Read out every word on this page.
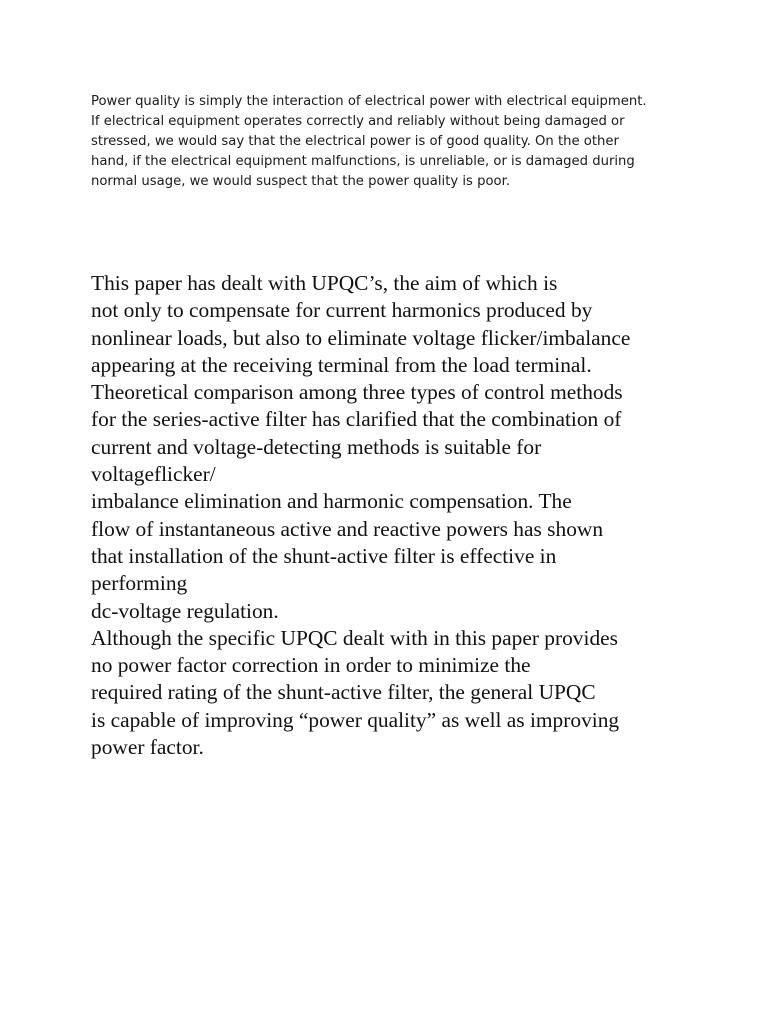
Power quality is simply the interaction of electrical power with electrical equipment.
If electrical equipment operates correctly and reliably without being damaged or
stressed, we would say that the electrical power is of good quality. On the other
hand, if the electrical equipment malfunctions, is unreliable, or is damaged during
normal usage, we would suspect that the power quality is poor.

This paper has dealt with UPQC’s, the aim of which is
not only to compensate for current harmonics produced by
nonlinear loads, but also to eliminate voltage flicker/imbalance
appearing at the receiving terminal from the load terminal.
Theoretical comparison among three types of control methods
for the series-active filter has clarified that the combination of
current and voltage-detecting methods is suitable for
voltageflicker/
imbalance elimination and harmonic compensation. The
flow of instantaneous active and reactive powers has shown
that installation of the shunt-active filter is effective in
performing
dc-voltage regulation.
Although the specific UPQC dealt with in this paper provides
no power factor correction in order to minimize the
required rating of the shunt-active filter, the general UPQC
is capable of improving “power quality” as well as improving
power factor.
